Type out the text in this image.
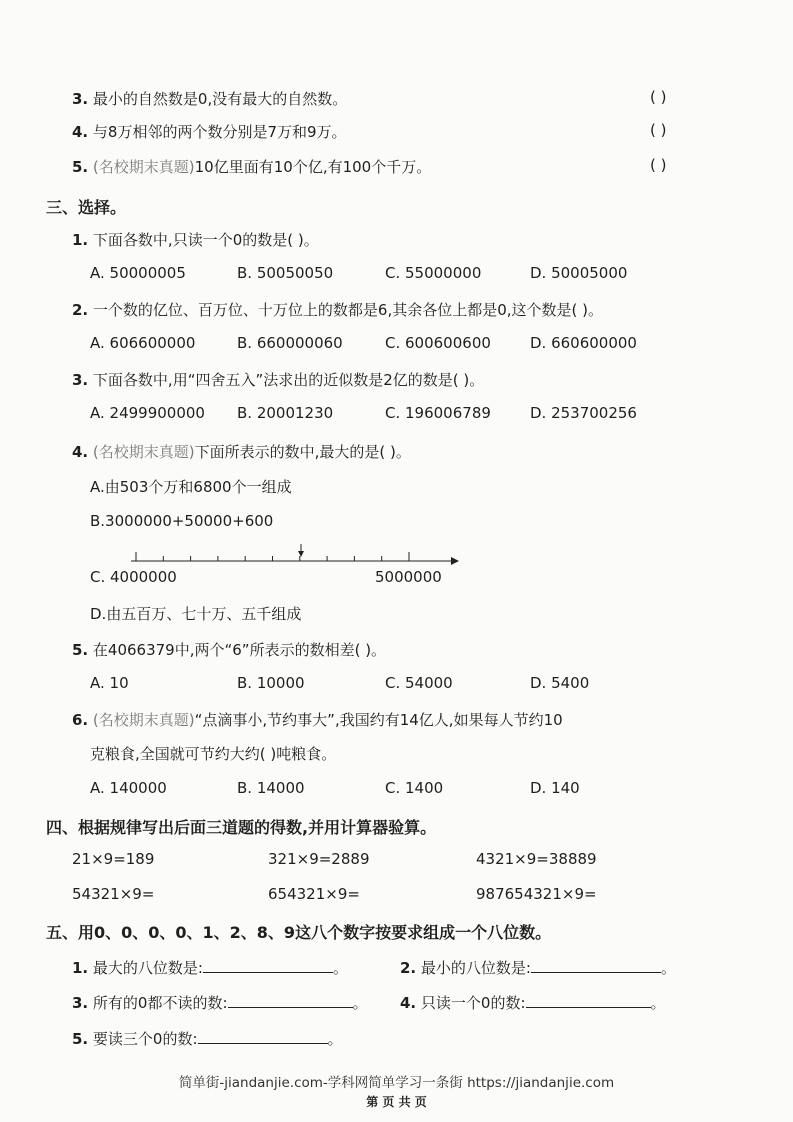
3. 最小的自然数是0,没有最大的自然数。	( )
4. 与8万相邻的两个数分别是7万和9万。	( )
5. (名校期末真题)10亿里面有10个亿,有100个千万。	( )
三、选择。
1. 下面各数中,只读一个0的数是( )。
A. 50000005	B. 50050050	C. 55000000	D. 50005000
2. 一个数的亿位、百万位、十万位上的数都是6,其余各位上都是0,这个数是( )。
A. 606600000	B. 660000060	C. 600600600	D. 660600000
3. 下面各数中,用“四舍五入”法求出的近似数是2亿的数是( )。
A. 2499900000 B. 20001230	C. 196006789	D. 253700256
4. (名校期末真题)下面所表示的数中,最大的是( )。
A.由503个万和6800个一组成
B.3000000+50000+600
C. 4000000	5000000
D.由五百万、七十万、五千组成
5. 在4066379中,两个“6”所表示的数相差( )。
A. 10	B. 10000	C. 54000	D. 5400
6. (名校期末真题)“点滴事小,节约事大”,我国约有14亿人,如果每人节约10
克粮食,全国就可节约大约( )吨粮食。
A. 140000	B. 14000	C. 1400	D. 140
四、根据规律写出后面三道题的得数,并用计算器验算。
21×9=189	321×9=2889	4321×9=38889
54321×9=	654321×9=	987654321×9=
五、用0、0、0、0、1、2、8、9这八个数字按要求组成一个八位数。
1. 最大的八位数是:	。	2. 最小的八位数是:	。
3. 所有的0都不读的数:	。 4. 只读一个0的数:	。
5. 要读三个0的数:	。
简单街-jiandanjie.com-学科网简单学习一条街 https://jiandanjie.com
第 页 共 页
